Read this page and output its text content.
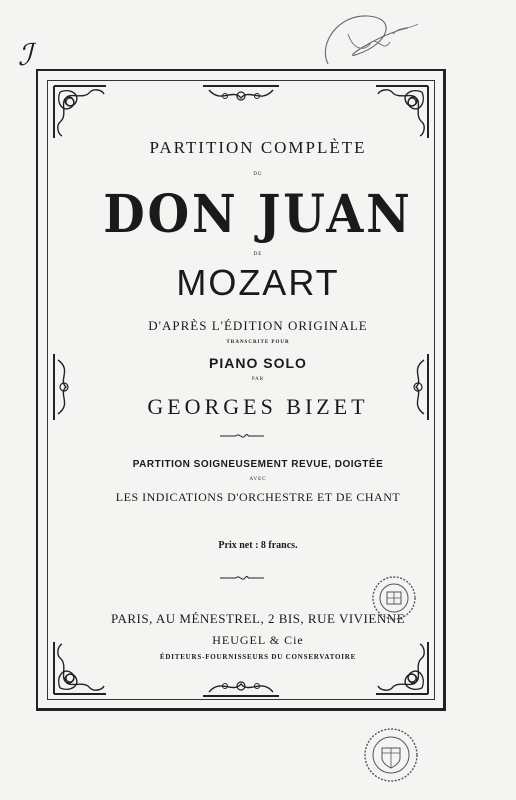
ℐ
PARTITION COMPLÈTE
DU
DON JUAN
DE
MOZART
D'APRÈS L'ÉDITION ORIGINALE
TRANSCRITE POUR
PIANO SOLO
PAR
GEORGES BIZET
PARTITION SOIGNEUSEMENT REVUE, DOIGTÉE
AVEC
LES INDICATIONS D'ORCHESTRE ET DE CHANT
Prix net : 8 francs.
PARIS, AU MÉNESTREL, 2 BIS, RUE VIVIENNE
HEUGEL & Cie
ÉDITEURS-FOURNISSEURS DU CONSERVATOIRE
